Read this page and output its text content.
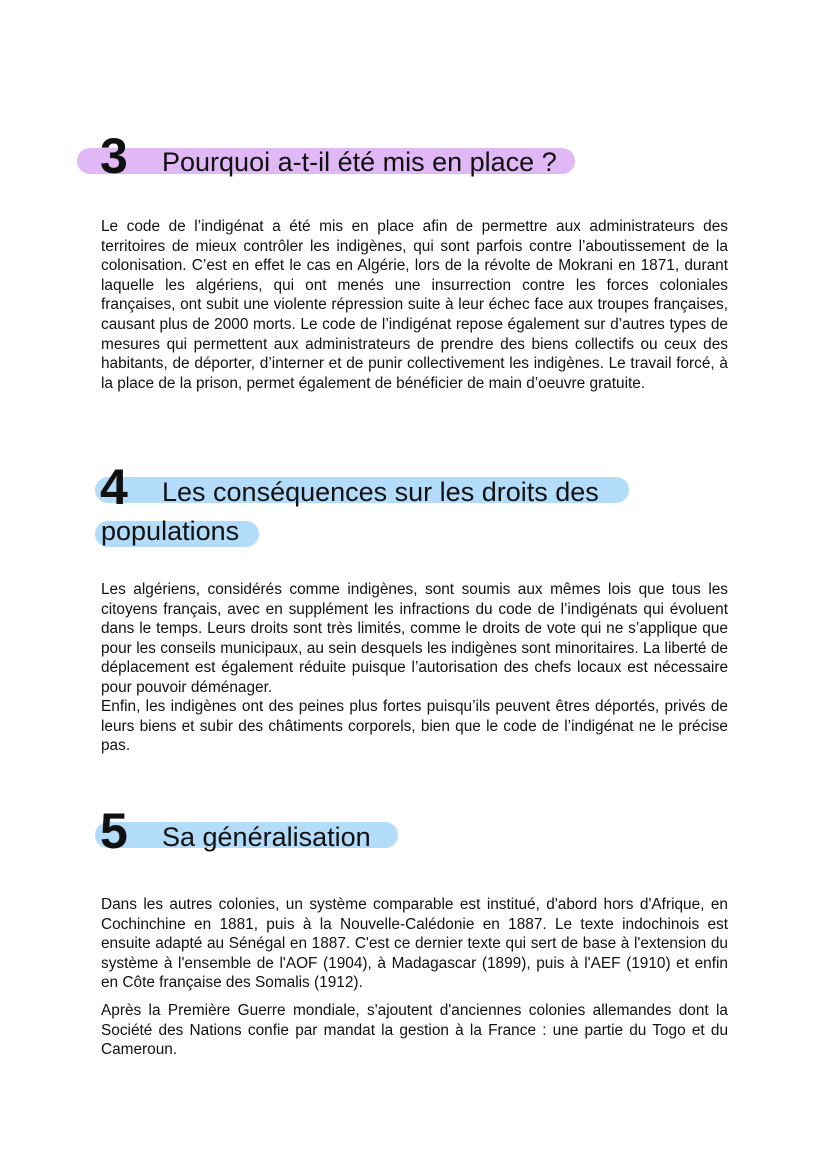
3 Pourquoi a-t-il été mis en place ?

Le code de l’indigénat a été mis en place afin de permettre aux administrateurs des territoires de mieux contrôler les indigènes, qui sont parfois contre l’aboutissement de la colonisation. C’est en effet le cas en Algérie, lors de la révolte de Mokrani en 1871, durant laquelle les algériens, qui ont menés une insurrection contre les forces coloniales françaises, ont subit une violente répression suite à leur échec face aux troupes françaises, causant plus de 2000 morts. Le code de l’indigénat repose également sur d’autres types de mesures qui permettent aux administrateurs de prendre des biens collectifs ou ceux des habitants, de déporter, d’interner et de punir collectivement les indigènes. Le travail forcé, à la place de la prison, permet également de bénéficier de main d’oeuvre gratuite.

4 Les conséquences sur les droits des
populations

Les algériens, considérés comme indigènes, sont soumis aux mêmes lois que tous les citoyens français, avec en supplément les infractions du code de l’indigénats qui évoluent dans le temps. Leurs droits sont très limités, comme le droits de vote qui ne s’applique que pour les conseils municipaux, au sein desquels les indigènes sont minoritaires. La liberté de déplacement est également réduite puisque l’autorisation des chefs locaux est nécessaire pour pouvoir déménager.

Enfin, les indigènes ont des peines plus fortes puisqu’ils peuvent êtres déportés, privés de leurs biens et subir des châtiments corporels, bien que le code de l’indigénat ne le précise pas.

5 Sa généralisation

Dans les autres colonies, un système comparable est institué, d'abord hors d'Afrique, en Cochinchine en 1881, puis à la Nouvelle-Calédonie en 1887. Le texte indochinois est ensuite adapté au Sénégal en 1887. C'est ce dernier texte qui sert de base à l'extension du système à l'ensemble de l'AOF (1904), à Madagascar (1899), puis à l'AEF (1910) et enfin en Côte française des Somalis (1912).

Après la Première Guerre mondiale, s'ajoutent d'anciennes colonies allemandes dont la Société des Nations confie par mandat la gestion à la France : une partie du Togo et du Cameroun.
